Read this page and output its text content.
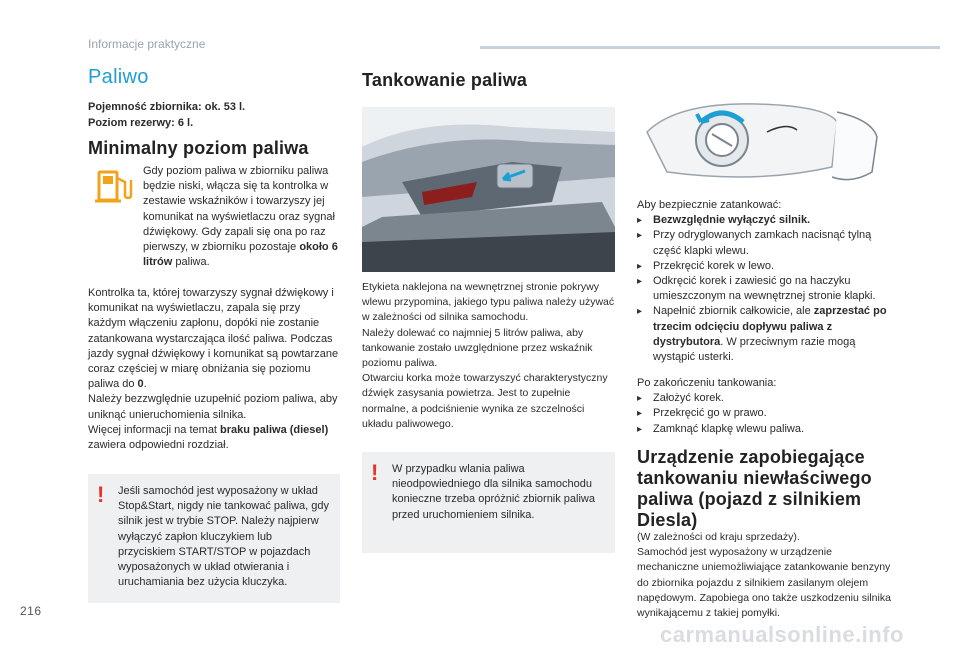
Informacje praktyczne
216
Paliwo
Pojemność zbiornika: ok. 53 l.
Poziom rezerwy: 6 l.
Minimalny poziom paliwa
Gdy poziom paliwa w zbiorniku paliwa będzie niski, włącza się ta kontrolka w zestawie wskaźników i towarzyszy jej komunikat na wyświetlaczu oraz sygnał dźwiękowy. Gdy zapali się ona po raz pierwszy, w zbiorniku pozostaje około 6 litrów paliwa.
Kontrolka ta, której towarzyszy sygnał dźwiękowy i komunikat na wyświetlaczu, zapala się przy każdym włączeniu zapłonu, dopóki nie zostanie zatankowana wystarczająca ilość paliwa. Podczas jazdy sygnał dźwiękowy i komunikat są powtarzane coraz częściej w miarę obniżania się poziomu paliwa do 0.
Należy bezzwględnie uzupełnić poziom paliwa, aby uniknąć unieruchomienia silnika.
Więcej informacji na temat braku paliwa (diesel) zawiera odpowiedni rozdział.
! Jeśli samochód jest wyposażony w układ Stop&Start, nigdy nie tankować paliwa, gdy silnik jest w trybie STOP. Należy najpierw wyłączyć zapłon kluczykiem lub przyciskiem START/STOP w pojazdach wyposażonych w układ otwierania i uruchamiania bez użycia kluczyka.
Tankowanie paliwa
Etykieta naklejona na wewnętrznej stronie pokrywy wlewu przypomina, jakiego typu paliwa należy używać w zależności od silnika samochodu.
Należy dolewać co najmniej 5 litrów paliwa, aby tankowanie zostało uwzględnione przez wskaźnik poziomu paliwa.
Otwarciu korka może towarzyszyć charakterystyczny dźwięk zasysania powietrza. Jest to zupełnie normalne, a podciśnienie wynika ze szczelności układu paliwowego.
! W przypadku wlania paliwa nieodpowiedniego dla silnika samochodu konieczne trzeba opróżnić zbiornik paliwa przed uruchomieniem silnika.
Aby bezpiecznie zatankować:
▸ Bezwzględnie wyłączyć silnik.
▸ Przy odryglowanych zamkach nacisnąć tylną część klapki wlewu.
▸ Przekręcić korek w lewo.
▸ Odkręcić korek i zawiesić go na haczyku umieszczonym na wewnętrznej stronie klapki.
▸ Napełnić zbiornik całkowicie, ale zaprzestać po trzecim odcięciu dopływu paliwa z dystrybutora. W przeciwnym razie mogą wystąpić usterki.
Po zakończeniu tankowania:
▸ Założyć korek.
▸ Przekręcić go w prawo.
▸ Zamknąć klapkę wlewu paliwa.
Urządzenie zapobiegające tankowaniu niewłaściwego paliwa (pojazd z silnikiem Diesla)
(W zależności od kraju sprzedaży).
Samochód jest wyposażony w urządzenie mechaniczne uniemożliwiające zatankowanie benzyny do zbiornika pojazdu z silnikiem zasilanym olejem napędowym. Zapobiega ono także uszkodzeniu silnika wynikającemu z takiej pomyłki.
carmanualsonline.info
